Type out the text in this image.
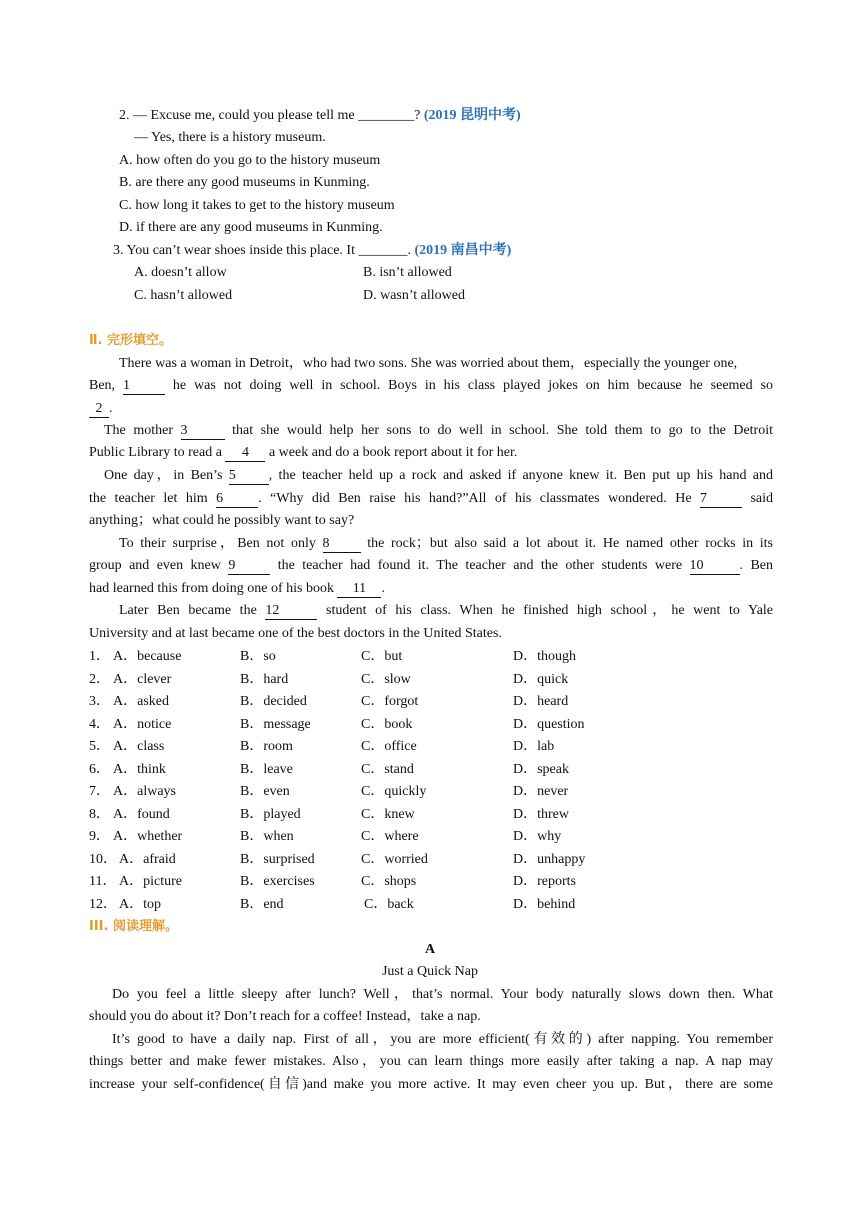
2. — Excuse me, could you please tell me ________? (2019 昆明中考)
— Yes, there is a history museum.
A. how often do you go to the history museum
B. are there any good museums in Kunming.
C. how long it takes to get to the history museum
D. if there are any good museums in Kunming.
3. You can’t wear shoes inside this place. It _______. (2019 南昌中考)
A. doesn’t allow	B. isn’t allowed
C. hasn’t allowed	D. wasn’t allowed
Ⅱ. 完形填空。
There was a woman in Detroit，who had two sons. She was worried about them，especially the younger one,
Ben, 1	he was not doing well in school. Boys in his class played jokes on him because he seemed so
2 .
The mother 3	that she would help her sons to do well in school. She told them to go to the Detroit
Public Library to read a 4 a week and do a book report about it for her.
One day，in Ben’s 5 , the teacher held up a rock and asked if anyone knew it. Ben put up his hand and
the teacher let him 6	. “Why did Ben raise his hand?”All of his classmates wondered. He 7	said
anything；what could he possibly want to say?
To their surprise，Ben not only 8	the rock；but also said a lot about it. He named other rocks in its
group and even knew 9	the teacher had found it. The teacher and the other students were 10	. Ben
had learned this from doing one of his book 11 .
Later Ben became the 12	student of his class. When he finished high school，he went to Yale
University and at last became one of the best doctors in the United States.
1． A．because	B．so	C．but	D．though
2． A．clever	B．hard	C．slow	D．quick
3． A．asked	B．decided	C．forgot	D．heard
4． A．notice	B．message	C．book	D．question
5． A．class	B．room	C．office	D．lab
6． A．think	B．leave	C．stand	D．speak
7． A．always	B．even	C．quickly	D．never
8． A．found	B．played	C．knew	D．threw
9． A．whether	B．when	C．where	D．why
10． A．afraid	B．surprised	C．worried	D．unhappy
11． A．picture	B．exercises	C．shops	D．reports
12． A．top	B．end	C．back	D．behind
III. 阅读理解。
A
Just a Quick Nap
Do you feel a little sleepy after lunch? Well，that’s normal. Your body naturally slows down then. What
should you do about it? Don’t reach for a coffee! Instead，take a nap.
It’s good to have a daily nap. First of all，you are more efficient(有效的) after napping. You remember
things better and make fewer mistakes. Also，you can learn things more easily after taking a nap. A nap may
increase your self-confidence(自信)and make you more active. It may even cheer you up. But，there are some
